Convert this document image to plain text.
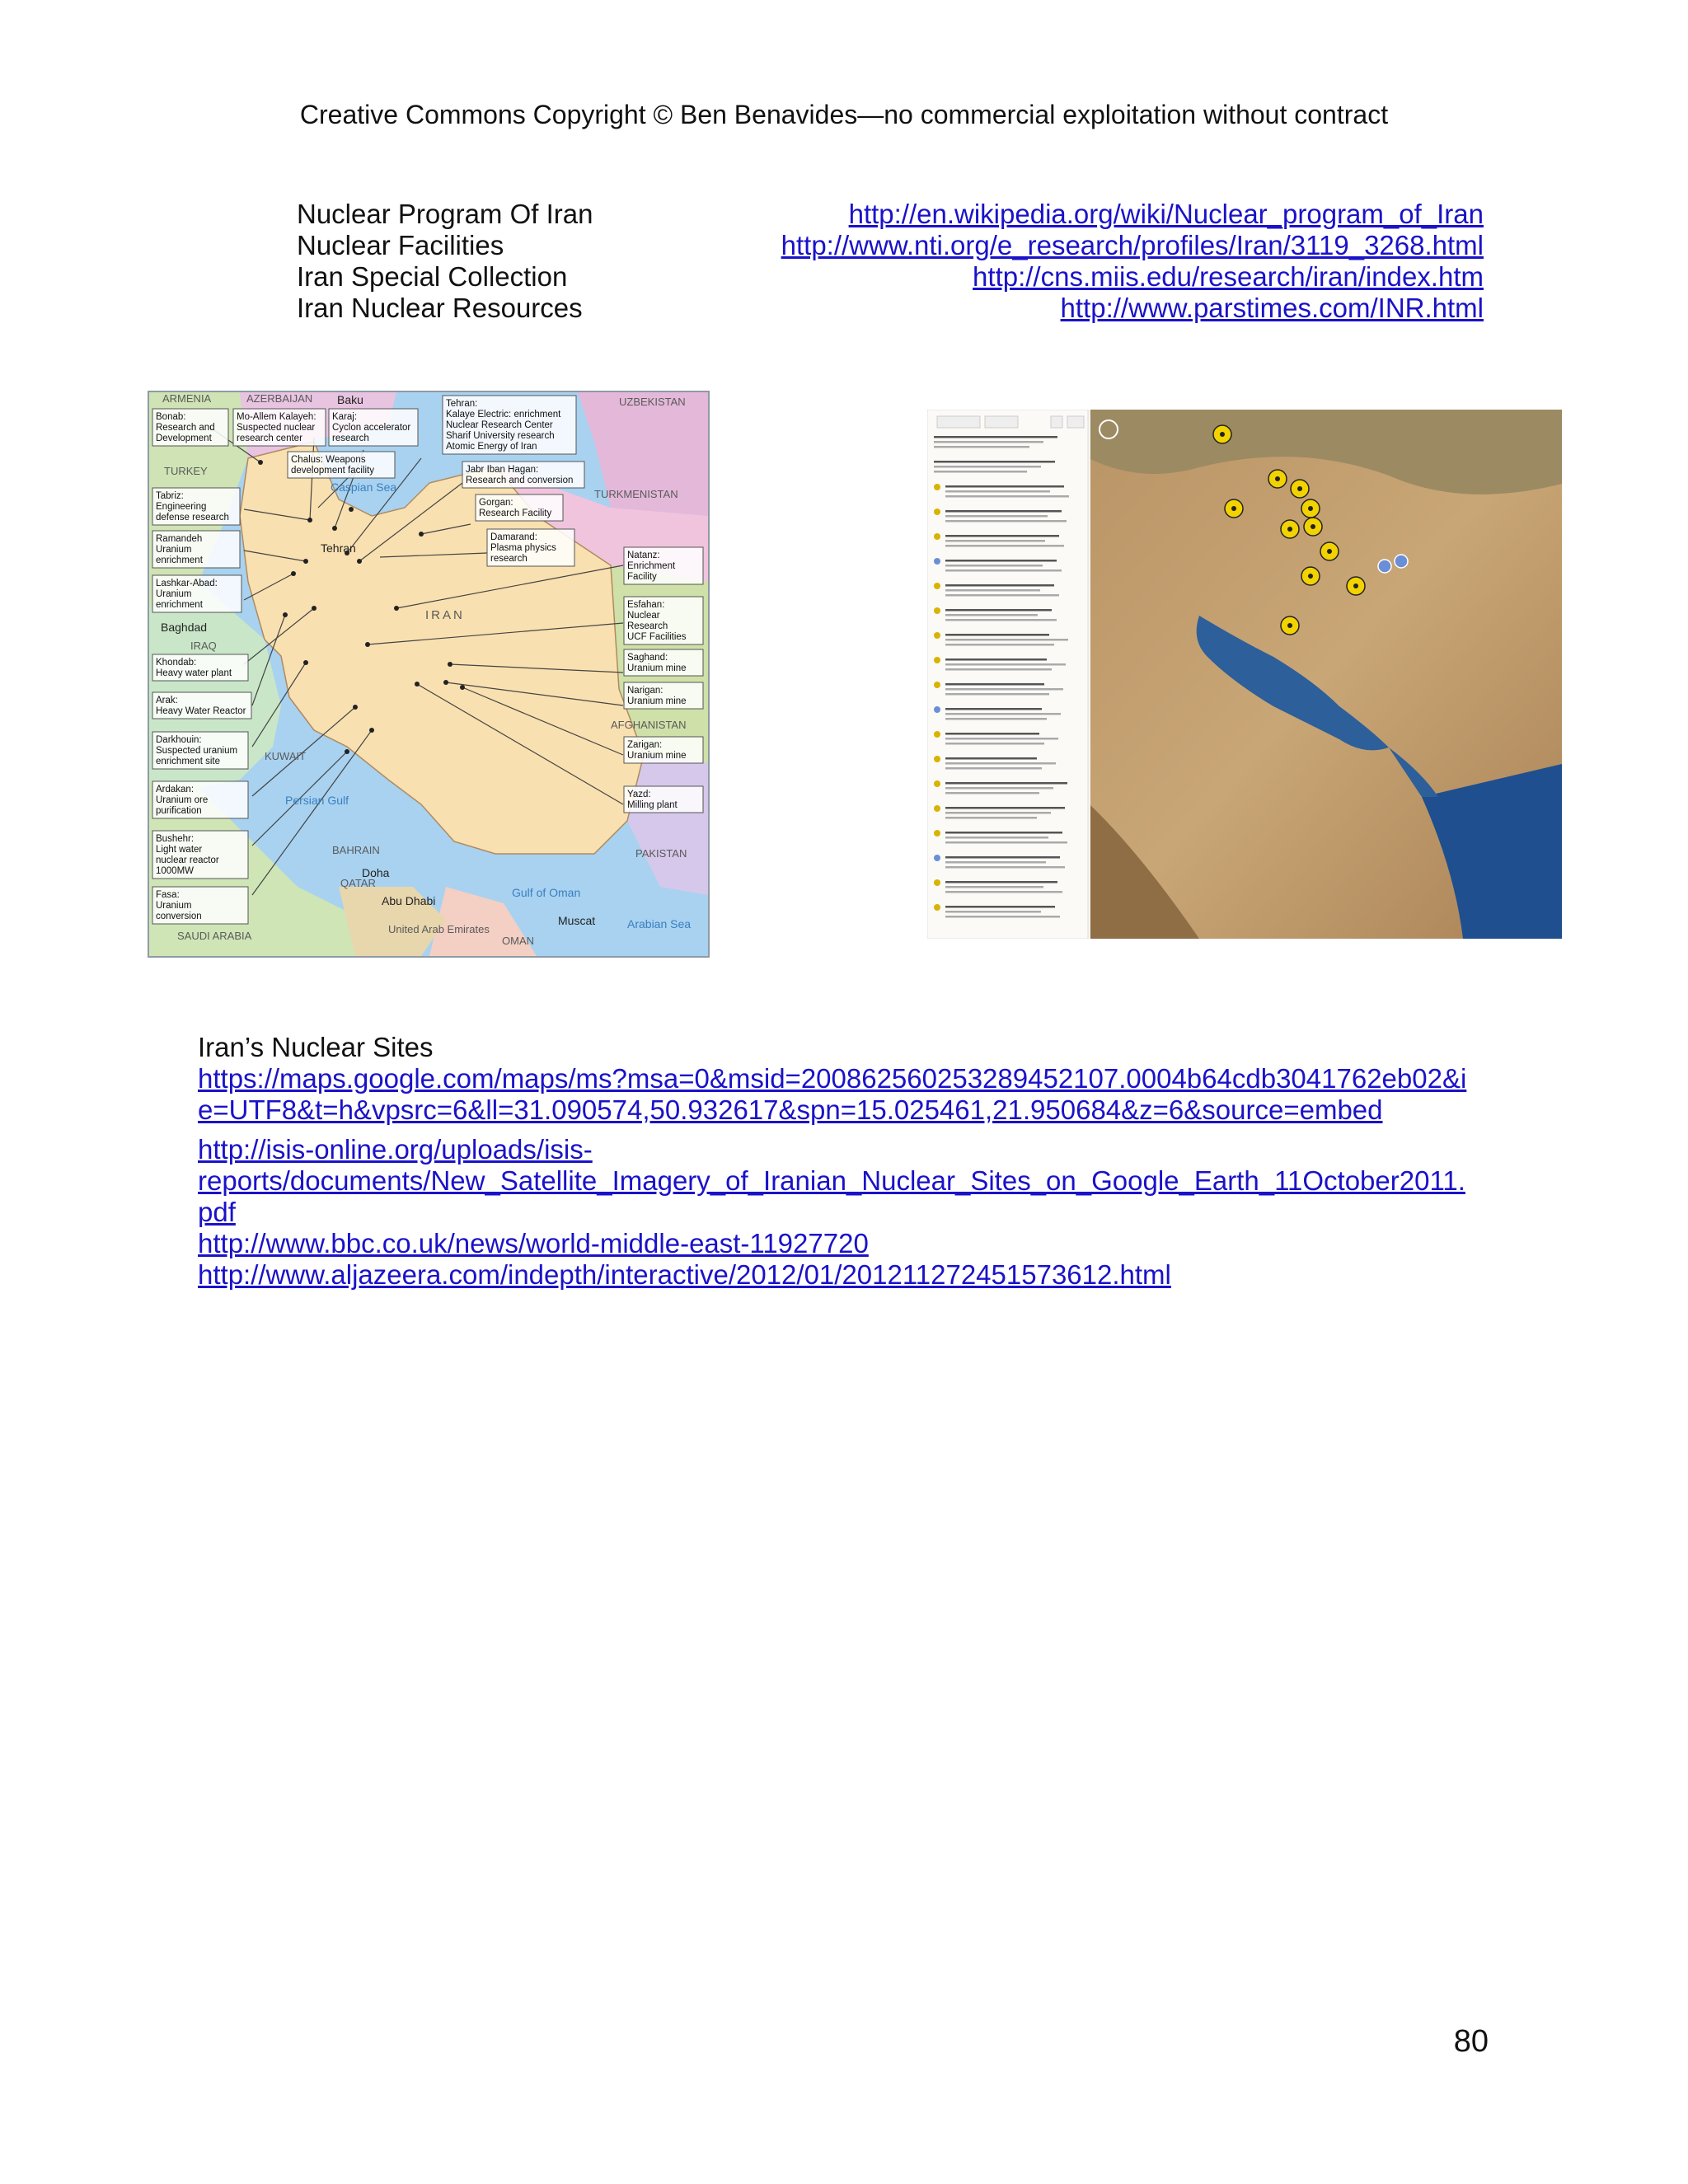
Creative Commons Copyright © Ben Benavides—no commercial exploitation without contract
Nuclear Program Of Iran	http://en.wikipedia.org/wiki/Nuclear_program_of_Iran
Nuclear Facilities	http://www.nti.org/e_research/profiles/Iran/3119_3268.html
Iran Special Collection	http://cns.miis.edu/research/iran/index.htm
Iran Nuclear Resources	http://www.parstimes.com/INR.html
ARMENIA	AZERBAIJAN	UZBEKISTAN
TURKEY
TURKMENISTAN
IRAQ
IRAN
AFGHANISTAN
KUWAIT
BAHRAIN
QATAR
PAKISTAN
SAUDI ARABIA	OMAN
United Arab Emirates
Caspian Sea
Persian Gulf
Gulf of Oman
Arabian Sea
Baku
Tehran
Baghdad
Doha
Abu Dhabi
Muscat
Bonab:
Research and
Development
Mo-Allem Kalayeh:
Suspected nuclear
research center
Karaj:
Cyclon accelerator
research
Chalus: Weapons
development facility
Tabriz:
Engineering
defense research
Ramandeh
Uranium
enrichment
Lashkar-Abad:
Uranium
enrichment
Khondab:
Heavy water plant
Arak:
Heavy Water Reactor
Darkhouin:
Suspected uranium
enrichment site
Ardakan:
Uranium ore
purification
Bushehr:
Light water
nuclear reactor
1000MW
Fasa:
Uranium
conversion
Tehran:
Kalaye Electric: enrichment
Nuclear Research Center
Sharif University research
Atomic Energy of Iran
Jabr Iban Hagan:
Research and conversion
Gorgan:
Research Facility
Damarand:
Plasma physics
research	Natanz:
Enrichment
Facility
Esfahan:
Nuclear
Research
UCF Facilities
Saghand:
Uranium mine
Narigan:
Uranium mine
Zarigan:
Uranium mine
Yazd:
Milling plant
Iran’s Nuclear Sites
https://maps.google.com/maps/ms?msa=0&msid=200862560253289452107.0004b64cdb3041762eb02&i
e=UTF8&t=h&vpsrc=6&ll=31.090574,50.932617&spn=15.025461,21.950684&z=6&source=embed
http://isis-online.org/uploads/isis-
reports/documents/New_Satellite_Imagery_of_Iranian_Nuclear_Sites_on_Google_Earth_11October2011.
pdf
http://www.bbc.co.uk/news/world-middle-east-11927720
http://www.aljazeera.com/indepth/interactive/2012/01/201211272451573612.html
80
